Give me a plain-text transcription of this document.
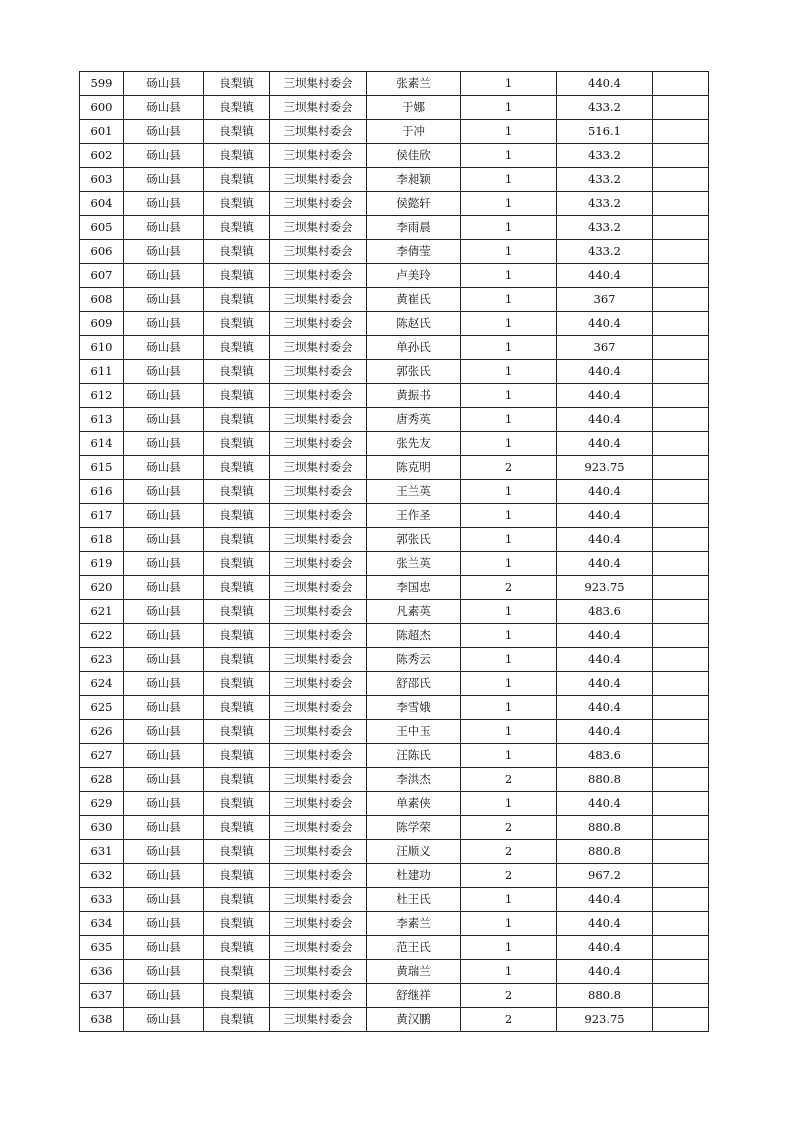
599	砀山县	良梨镇	三坝集村委会	张素兰	1	440.4	
600	砀山县	良梨镇	三坝集村委会	于娜	1	433.2	
601	砀山县	良梨镇	三坝集村委会	于冲	1	516.1	
602	砀山县	良梨镇	三坝集村委会	侯佳欣	1	433.2	
603	砀山县	良梨镇	三坝集村委会	李昶颖	1	433.2	
604	砀山县	良梨镇	三坝集村委会	侯懿轩	1	433.2	
605	砀山县	良梨镇	三坝集村委会	李雨晨	1	433.2	
606	砀山县	良梨镇	三坝集村委会	李倩莹	1	433.2	
607	砀山县	良梨镇	三坝集村委会	卢美玲	1	440.4	
608	砀山县	良梨镇	三坝集村委会	黄崔氏	1	367	
609	砀山县	良梨镇	三坝集村委会	陈赵氏	1	440.4	
610	砀山县	良梨镇	三坝集村委会	单孙氏	1	367	
611	砀山县	良梨镇	三坝集村委会	郭张氏	1	440.4	
612	砀山县	良梨镇	三坝集村委会	黄振书	1	440.4	
613	砀山县	良梨镇	三坝集村委会	唐秀英	1	440.4	
614	砀山县	良梨镇	三坝集村委会	张先友	1	440.4	
615	砀山县	良梨镇	三坝集村委会	陈克明	2	923.75	
616	砀山县	良梨镇	三坝集村委会	王兰英	1	440.4	
617	砀山县	良梨镇	三坝集村委会	王作圣	1	440.4	
618	砀山县	良梨镇	三坝集村委会	郭张氏	1	440.4	
619	砀山县	良梨镇	三坝集村委会	张兰英	1	440.4	
620	砀山县	良梨镇	三坝集村委会	李国忠	2	923.75	
621	砀山县	良梨镇	三坝集村委会	凡素英	1	483.6	
622	砀山县	良梨镇	三坝集村委会	陈超杰	1	440.4	
623	砀山县	良梨镇	三坝集村委会	陈秀云	1	440.4	
624	砀山县	良梨镇	三坝集村委会	舒邵氏	1	440.4	
625	砀山县	良梨镇	三坝集村委会	李雪娥	1	440.4	
626	砀山县	良梨镇	三坝集村委会	王中玉	1	440.4	
627	砀山县	良梨镇	三坝集村委会	汪陈氏	1	483.6	
628	砀山县	良梨镇	三坝集村委会	李洪杰	2	880.8	
629	砀山县	良梨镇	三坝集村委会	单素侠	1	440.4	
630	砀山县	良梨镇	三坝集村委会	陈学荣	2	880.8	
631	砀山县	良梨镇	三坝集村委会	汪顺义	2	880.8	
632	砀山县	良梨镇	三坝集村委会	杜建功	2	967.2	
633	砀山县	良梨镇	三坝集村委会	杜王氏	1	440.4	
634	砀山县	良梨镇	三坝集村委会	李素兰	1	440.4	
635	砀山县	良梨镇	三坝集村委会	范王氏	1	440.4	
636	砀山县	良梨镇	三坝集村委会	黄瑞兰	1	440.4	
637	砀山县	良梨镇	三坝集村委会	舒继祥	2	880.8	
638	砀山县	良梨镇	三坝集村委会	黄汉鹏	2	923.75	
